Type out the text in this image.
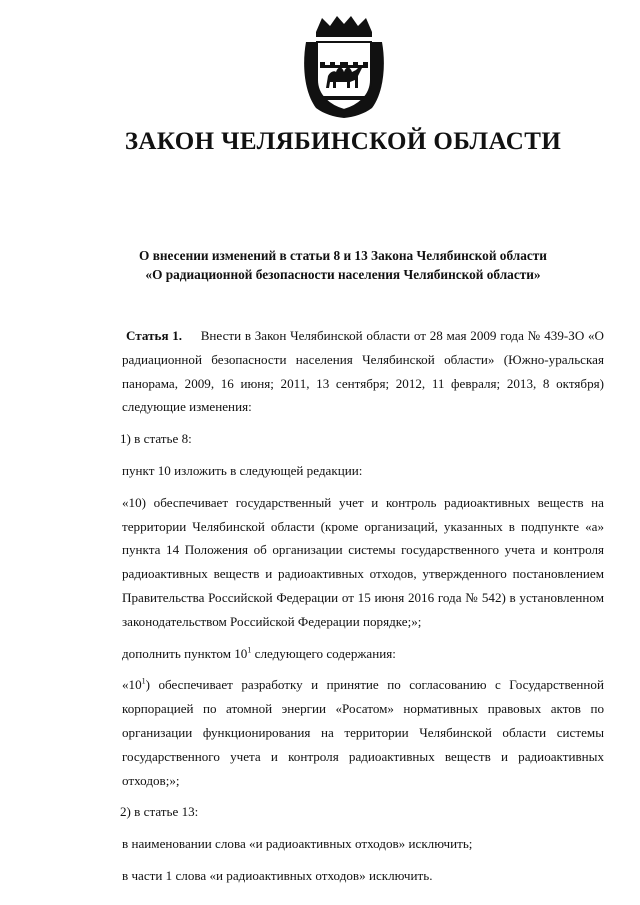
ЗАКОН ЧЕЛЯБИНСКОЙ ОБЛАСТИ
О внесении изменений в статьи 8 и 13 Закона Челябинской области
«О радиационной безопасности населения Челябинской области»

Статья 1. Внести в Закон Челябинской области от 28 мая 2009 года № 439-ЗО «О радиационной безопасности населения Челябинской области» (Южно-уральская панорама, 2009, 16 июня; 2011, 13 сентября; 2012, 11 февраля; 2013, 8 октября) следующие изменения:

1) в статье 8:

пункт 10 изложить в следующей редакции:

«10) обеспечивает государственный учет и контроль радиоактивных веществ на территории Челябинской области (кроме организаций, указанных в подпункте «а» пункта 14 Положения об организации системы государственного учета и контроля радиоактивных веществ и радиоактивных отходов, утвержденного постановлением Правительства Российской Федерации от 15 июня 2016 года № 542) в установленном законодательством Российской Федерации порядке;»;

дополнить пунктом $10^1$ следующего содержания:

«$10^1$) обеспечивает разработку и принятие по согласованию с Государственной корпорацией по атомной энергии «Росатом» нормативных правовых актов по организации функционирования на территории Челябинской области системы государственного учета и контроля радиоактивных веществ и радиоактивных отходов;»;

2) в статье 13:

в наименовании слова «и радиоактивных отходов» исключить;

в части 1 слова «и радиоактивных отходов» исключить.
